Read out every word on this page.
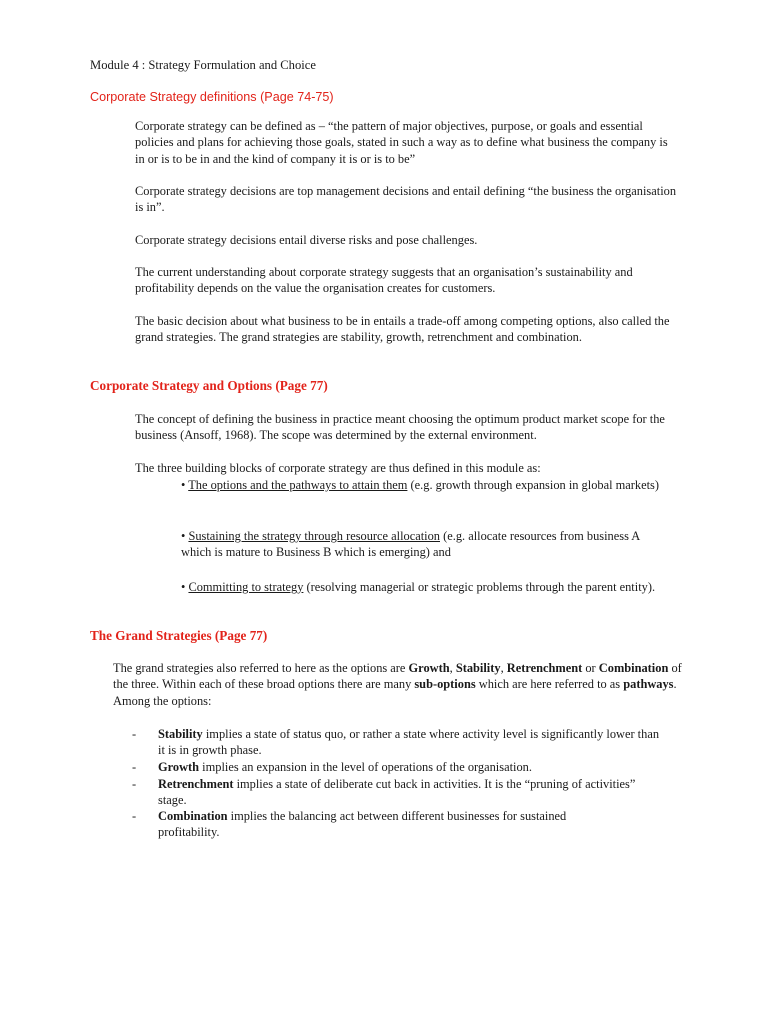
Module 4 : Strategy Formulation and Choice
Corporate Strategy definitions (Page 74-75)

Corporate strategy can be defined as – “the pattern of major objectives, purpose, or goals and essential policies and plans for achieving those goals, stated in such a way as to define what business the company is in or is to be in and the kind of company it is or is to be”

Corporate strategy decisions are top management decisions and entail defining “the business the organisation is in”.

Corporate strategy decisions entail diverse risks and pose challenges.

The current understanding about corporate strategy suggests that an organisation’s sustainability and profitability depends on the value the organisation creates for customers.

The basic decision about what business to be in entails a trade-off among competing options, also called the grand strategies. The grand strategies are stability, growth, retrenchment and combination.

Corporate Strategy and Options (Page 77)

The concept of defining the business in practice meant choosing the optimum product market scope for the business (Ansoff, 1968). The scope was determined by the external environment.

The three building blocks of corporate strategy are thus defined in this module as:

• The options and the pathways to attain them (e.g. growth through expansion in global markets)
• Sustaining the strategy through resource allocation (e.g. allocate resources from business A which is mature to Business B which is emerging) and
• Committing to strategy (resolving managerial or strategic problems through the parent entity).
The Grand Strategies (Page 77)

The grand strategies also referred to here as the options are Growth, Stability, Retrenchment or Combination of the three. Within each of these broad options there are many sub-options which are here referred to as pathways. Among the options:

- Stability implies a state of status quo, or rather a state where activity level is significantly lower than it is in growth phase.

- Growth implies an expansion in the level of operations of the organisation.

- Retrenchment implies a state of deliberate cut back in activities. It is the “pruning of activities” stage.

- Combination implies the balancing act between different businesses for sustained profitability.
